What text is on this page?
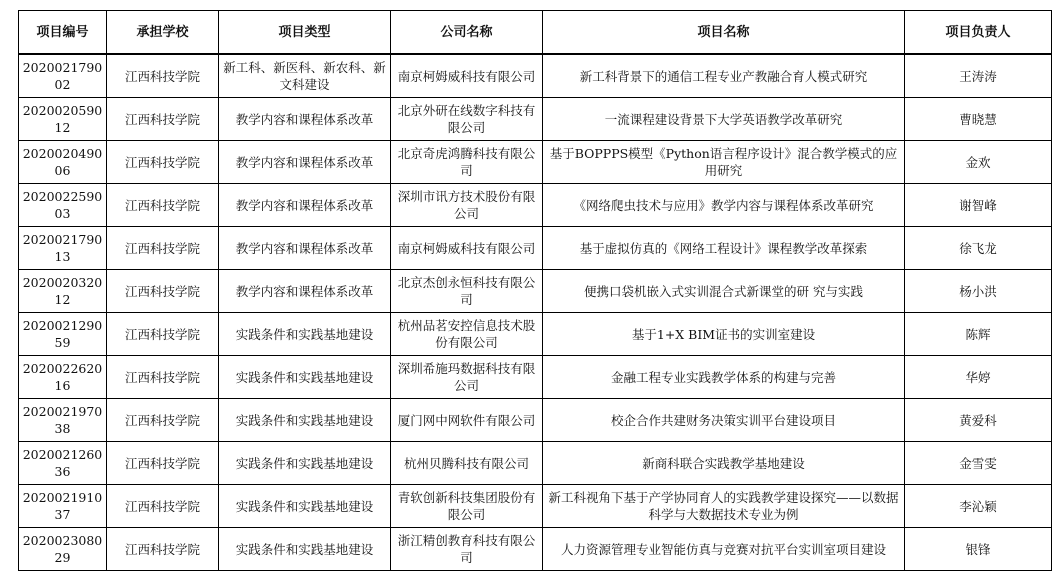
项目编号	承担学校	项目类型	公司名称	项目名称	项目负责人
202002179002	江西科技学院	新工科、新医科、新农科、新文科建设	南京柯姆威科技有限公司	新工科背景下的通信工程专业产教融合育人模式研究	王涛涛
202002059012	江西科技学院	教学内容和课程体系改革	北京外研在线数字科技有限公司	一流课程建设背景下大学英语教学改革研究	曹晓慧
202002049006	江西科技学院	教学内容和课程体系改革	北京奇虎鸿腾科技有限公司	基于BOPPPS模型《Python语言程序设计》混合教学模式的应用研究	金欢
202002259003	江西科技学院	教学内容和课程体系改革	深圳市讯方技术股份有限公司	《网络爬虫技术与应用》教学内容与课程体系改革研究	谢智峰
202002179013	江西科技学院	教学内容和课程体系改革	南京柯姆威科技有限公司	基于虚拟仿真的《网络工程设计》课程教学改革探索	徐飞龙
202002032012	江西科技学院	教学内容和课程体系改革	北京杰创永恒科技有限公司	便携口袋机嵌入式实训混合式新课堂的研 究与实践	杨小洪
202002129059	江西科技学院	实践条件和实践基地建设	杭州品茗安控信息技术股份有限公司	基于1+X BIM证书的实训室建设	陈辉
202002262016	江西科技学院	实践条件和实践基地建设	深圳希施玛数据科技有限公司	金融工程专业实践教学体系的构建与完善	华婷
202002197038	江西科技学院	实践条件和实践基地建设	厦门网中网软件有限公司	校企合作共建财务决策实训平台建设项目	黄爱科
202002126036	江西科技学院	实践条件和实践基地建设	杭州贝腾科技有限公司	新商科联合实践教学基地建设	金雪雯
202002191037	江西科技学院	实践条件和实践基地建设	青软创新科技集团股份有限公司	新工科视角下基于产学协同育人的实践教学建设探究——以数据科学与大数据技术专业为例	李沁颖
202002308029	江西科技学院	实践条件和实践基地建设	浙江精创教育科技有限公司	人力资源管理专业智能仿真与竞赛对抗平台实训室项目建设	银锋
